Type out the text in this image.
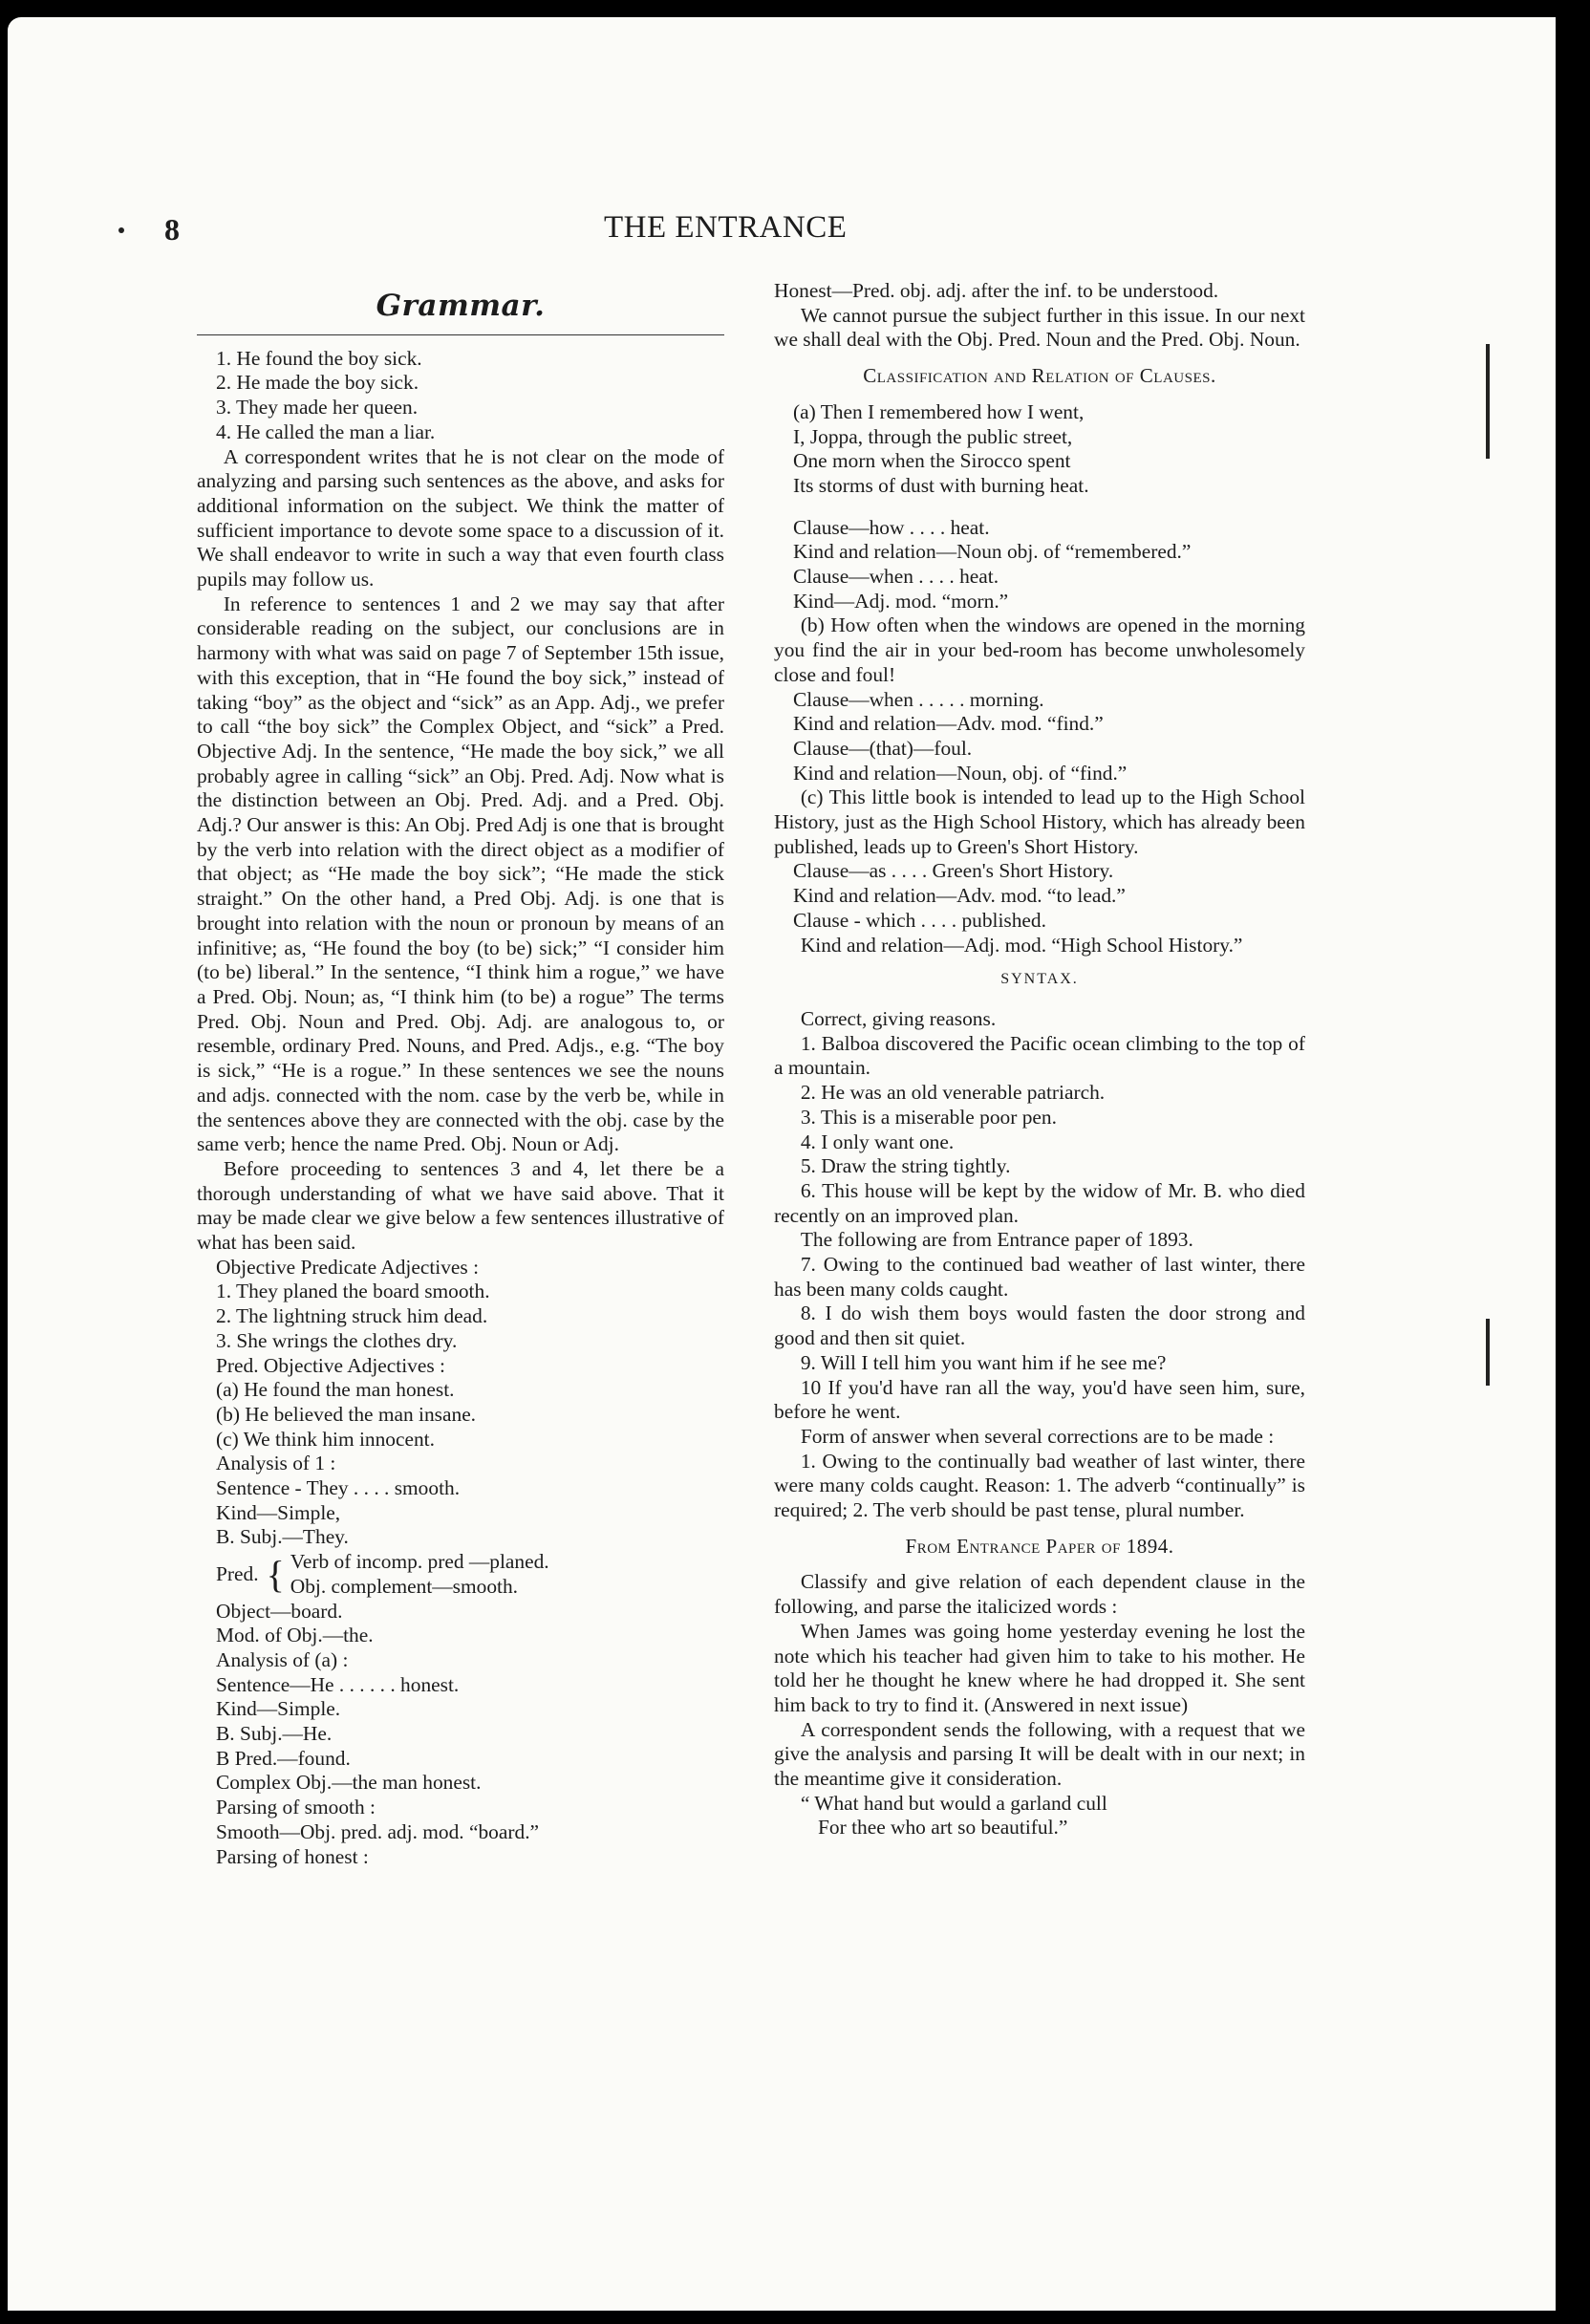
8	THE ENTRANCE
Grammar.

1. He found the boy sick.

2. He made the boy sick.

3. They made her queen.

4. He called the man a liar.

A correspondent writes that he is not clear on the mode of analyzing and parsing such sentences as the above, and asks for additional information on the subject. We think the matter of sufficient importance to devote some space to a discussion of it. We shall endeavor to write in such a way that even fourth class pupils may follow us.

In reference to sentences 1 and 2 we may say that after considerable reading on the subject, our conclusions are in harmony with what was said on page 7 of September 15th issue, with this exception, that in “He found the boy sick,” instead of taking “boy” as the object and “sick” as an App. Adj., we prefer to call “the boy sick” the Complex Object, and “sick” a Pred. Objective Adj. In the sentence, “He made the boy sick,” we all probably agree in calling “sick” an Obj. Pred. Adj. Now what is the distinction between an Obj. Pred. Adj. and a Pred. Obj. Adj.? Our answer is this: An Obj. Pred Adj is one that is brought by the verb into relation with the direct object as a modifier of that object; as “He made the boy sick”; “He made the stick straight.” On the other hand, a Pred Obj. Adj. is one that is brought into relation with the noun or pronoun by means of an infinitive; as, “He found the boy (to be) sick;” “I consider him (to be) liberal.” In the sentence, “I think him a rogue,” we have a Pred. Obj. Noun; as, “I think him (to be) a rogue” The terms Pred. Obj. Noun and Pred. Obj. Adj. are analogous to, or resemble, ordinary Pred. Nouns, and Pred. Adjs., e.g. “The boy is sick,” “He is a rogue.” In these sentences we see the nouns and adjs. connected with the nom. case by the verb be, while in the sentences above they are connected with the obj. case by the same verb; hence the name Pred. Obj. Noun or Adj.

Before proceeding to sentences 3 and 4, let there be a thorough understanding of what we have said above. That it may be made clear we give below a few sentences illustrative of what has been said.

Objective Predicate Adjectives :

1. They planed the board smooth.

2. The lightning struck him dead.

3. She wrings the clothes dry.

Pred. Objective Adjectives :

(a) He found the man honest.

(b) He believed the man insane.

(c) We think him innocent.

Analysis of 1 :

Sentence - They . . . . smooth.

Kind—Simple,

B. Subj.—They.

Pred. { Verb of incomp. pred —planed.
Obj. complement—smooth.

Object—board.

Mod. of Obj.—the.

Analysis of (a) :

Sentence—He . . . . . . honest.

Kind—Simple.

B. Subj.—He.

B Pred.—found.

Complex Obj.—the man honest.

Parsing of smooth :

Smooth—Obj. pred. adj. mod. “board.”

Parsing of honest :

Honest—Pred. obj. adj. after the inf. to be understood.

We cannot pursue the subject further in this issue. In our next we shall deal with the Obj. Pred. Noun and the Pred. Obj. Noun.

Classification and Relation of Clauses.

(a) Then I remembered how I went,

I, Joppa, through the public street,

One morn when the Sirocco spent

Its storms of dust with burning heat.

Clause—how . . . . heat.

Kind and relation—Noun obj. of “remembered.”

Clause—when . . . . heat.

Kind—Adj. mod. “morn.”

(b) How often when the windows are opened in the morning you find the air in your bed-room has become unwholesomely close and foul!

Clause—when . . . . . morning.

Kind and relation—Adv. mod. “find.”

Clause—(that)—foul.

Kind and relation—Noun, obj. of “find.”

(c) This little book is intended to lead up to the High School History, just as the High School History, which has already been published, leads up to Green's Short History.

Clause—as . . . . Green's Short History.

Kind and relation—Adv. mod. “to lead.”

Clause - which . . . . published.

Kind and relation—Adj. mod. “High School History.”

SYNTAX.

Correct, giving reasons.

1. Balboa discovered the Pacific ocean climbing to the top of a mountain.

2. He was an old venerable patriarch.

3. This is a miserable poor pen.

4. I only want one.

5. Draw the string tightly.

6. This house will be kept by the widow of Mr. B. who died recently on an improved plan.

The following are from Entrance paper of 1893.

7. Owing to the continued bad weather of last winter, there has been many colds caught.

8. I do wish them boys would fasten the door strong and good and then sit quiet.

9. Will I tell him you want him if he see me?

10 If you'd have ran all the way, you'd have seen him, sure, before he went.

Form of answer when several corrections are to be made :

1. Owing to the continually bad weather of last winter, there were many colds caught. Reason: 1. The adverb “continually” is required; 2. The verb should be past tense, plural number.

From Entrance Paper of 1894.

Classify and give relation of each dependent clause in the following, and parse the italicized words :

When James was going home yesterday evening he lost the note which his teacher had given him to take to his mother. He told her he thought he knew where he had dropped it. She sent him back to try to find it. (Answered in next issue)

A correspondent sends the following, with a request that we give the analysis and parsing It will be dealt with in our next; in the meantime give it consideration.

“ What hand but would a garland cull

For thee who art so beautiful.”
